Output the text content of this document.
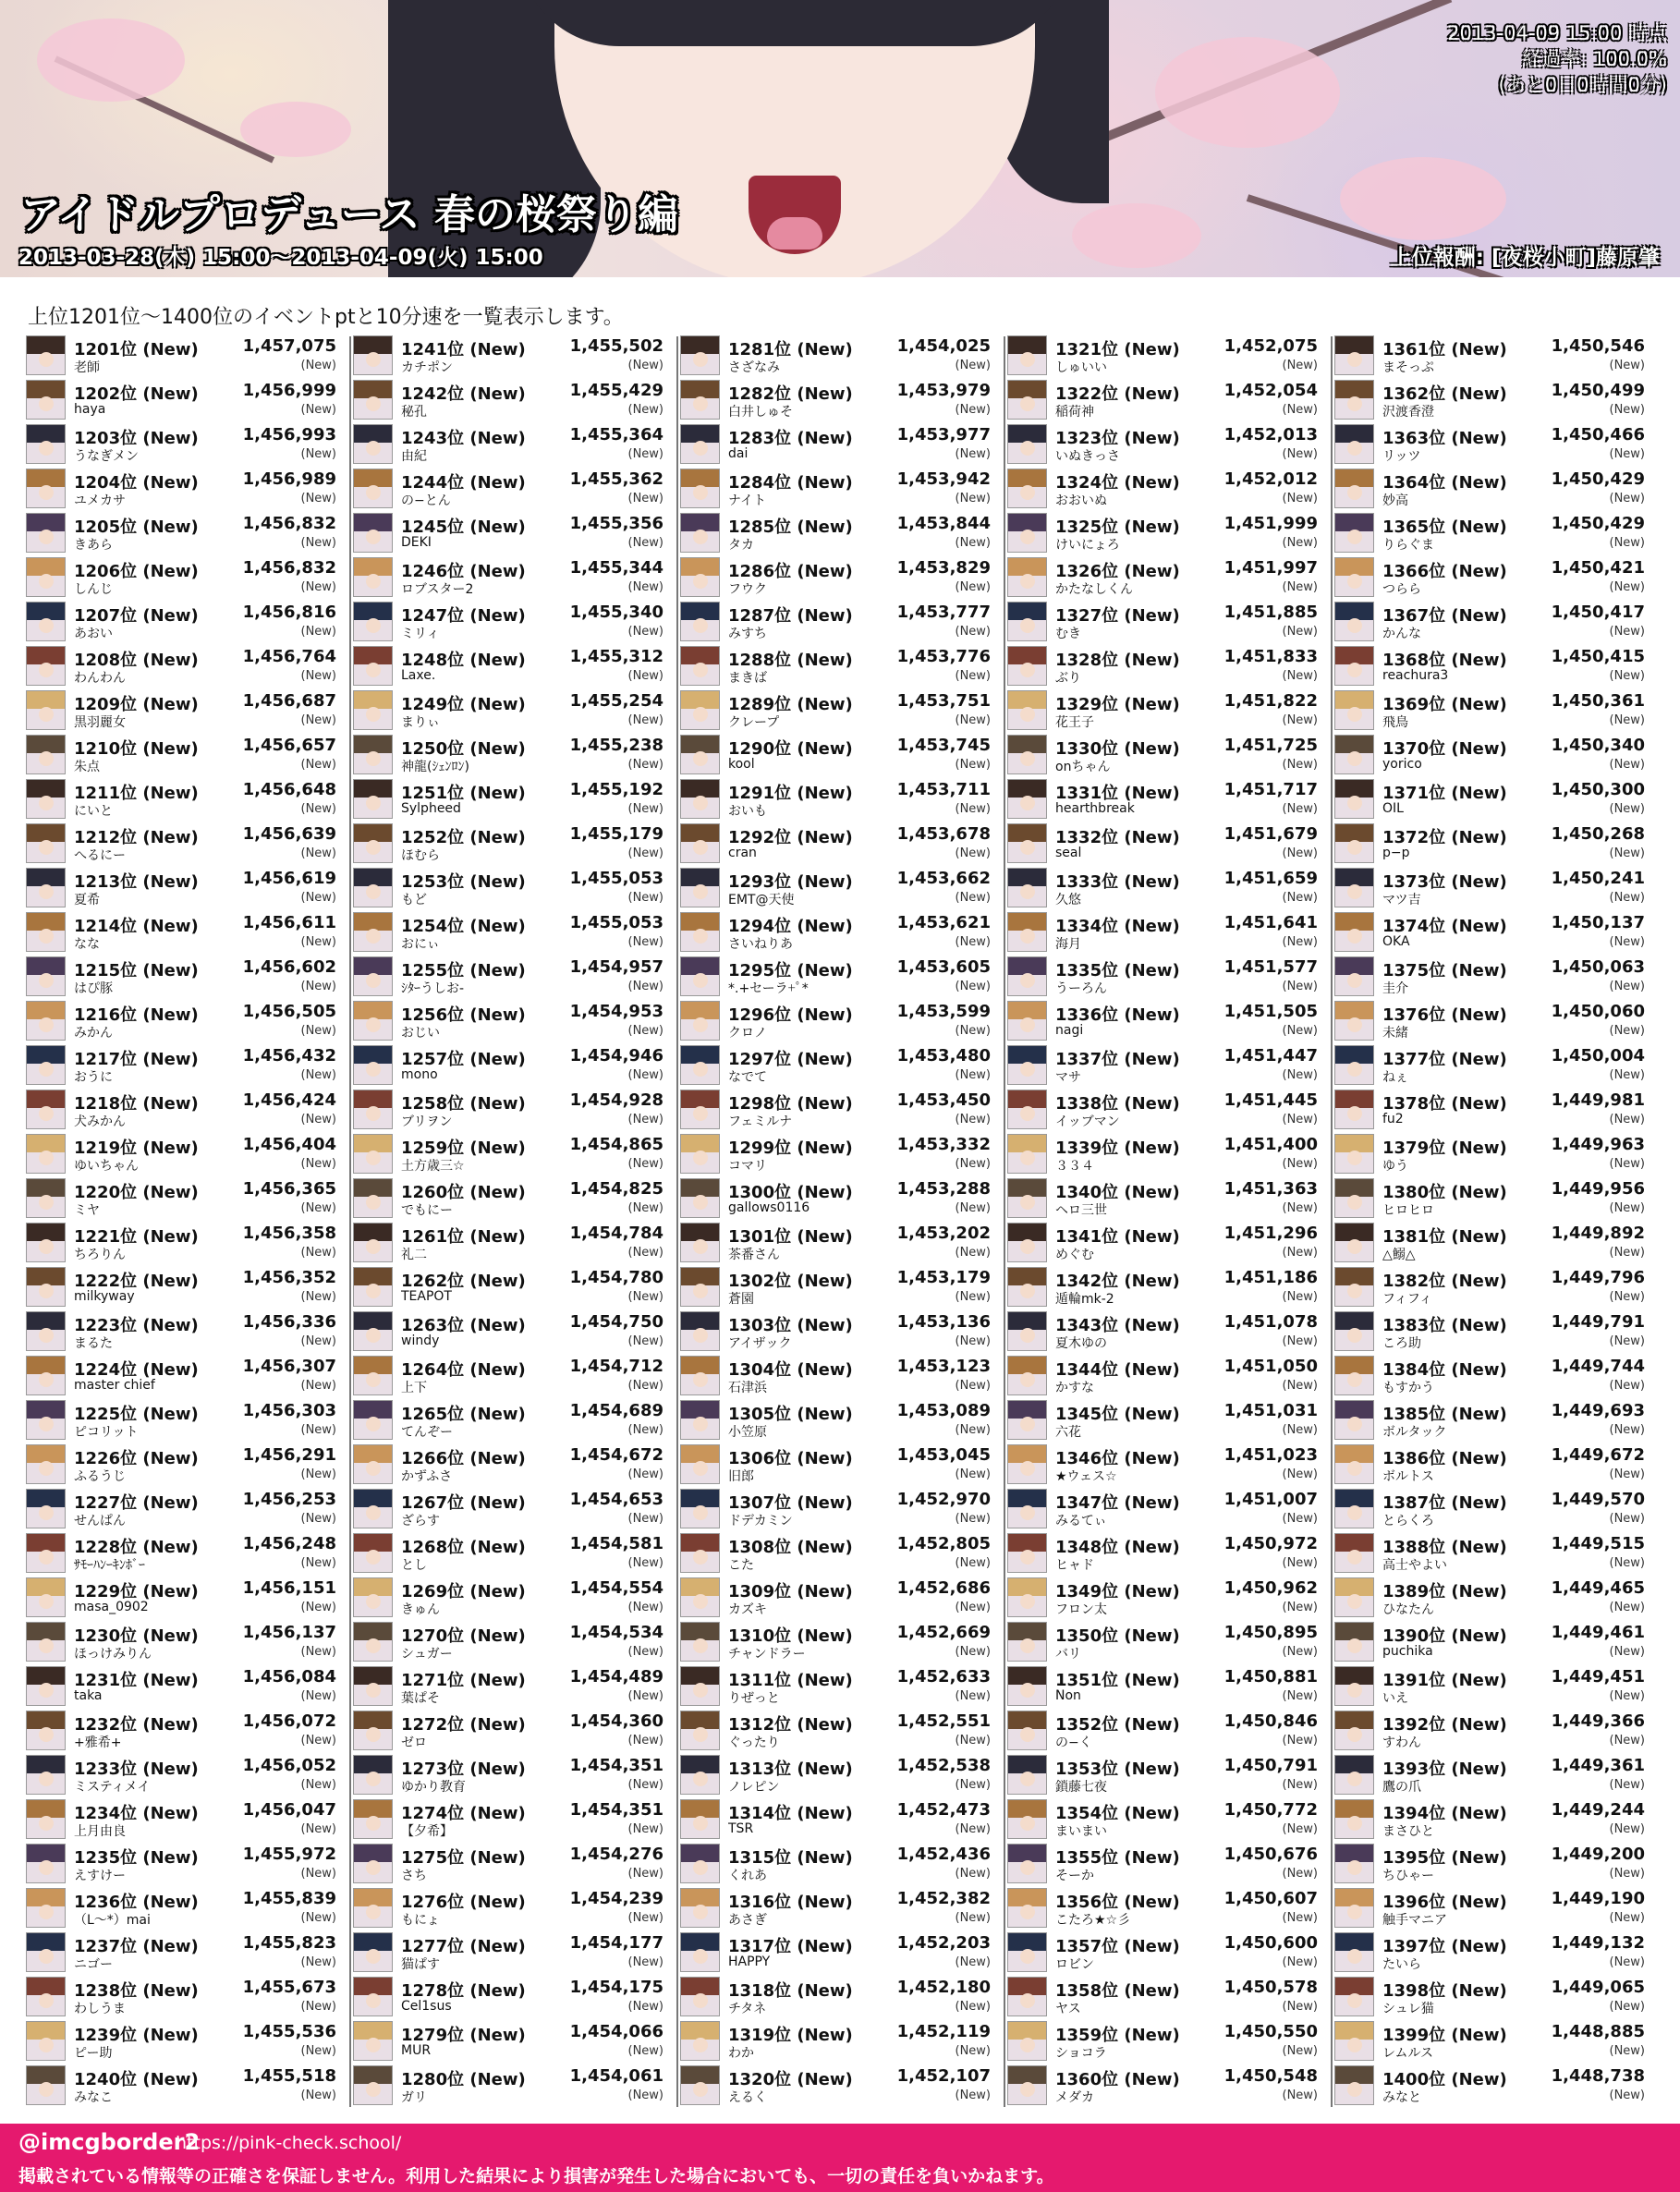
2013-04-09 15:00 時点
経過率: 100.0%
(あと0日0時間0分)
アイドルプロデュース 春の桜祭り編
2013-03-28(木) 15:00〜2013-04-09(火) 15:00	上位報酬: [夜桜小町]藤原肇
上位1201位〜1400位のイベントptと10分速を一覧表示します。
1201位 (New)	1,457,075
老師	(New)
1202位 (New)	1,456,999
haya	(New)
1203位 (New)	1,456,993
うなぎメン	(New)
1204位 (New)	1,456,989
ユメカサ	(New)
1205位 (New)	1,456,832
きあら	(New)
1206位 (New)	1,456,832
しんじ	(New)
1207位 (New)	1,456,816
あおい	(New)
1208位 (New)	1,456,764
わんわん	(New)
1209位 (New)	1,456,687
黒羽麗女	(New)
1210位 (New)	1,456,657
朱点	(New)
1211位 (New)	1,456,648
にいと	(New)
1212位 (New)	1,456,639
へるにー	(New)
1213位 (New)	1,456,619
夏希	(New)
1214位 (New)	1,456,611
なな	(New)
1215位 (New)	1,456,602
はぴ豚	(New)
1216位 (New)	1,456,505
みかん	(New)
1217位 (New)	1,456,432
おうに	(New)
1218位 (New)	1,456,424
犬みかん	(New)
1219位 (New)	1,456,404
ゆいちゃん	(New)
1220位 (New)	1,456,365
ミヤ	(New)
1221位 (New)	1,456,358
ちろりん	(New)
1222位 (New)	1,456,352
milkyway	(New)
1223位 (New)	1,456,336
まるた	(New)
1224位 (New)	1,456,307
master chief	(New)
1225位 (New)	1,456,303
ピコリット	(New)
1226位 (New)	1,456,291
ふるうじ	(New)
1227位 (New)	1,456,253
せんぱん	(New)
1228位 (New)	1,456,248
ｻﾓｰﾊﾝｰｷﾝﾎﾞｰ	(New)
1229位 (New)	1,456,151
masa_0902	(New)
1230位 (New)	1,456,137
ほっけみりん	(New)
1231位 (New)	1,456,084
taka	(New)
1232位 (New)	1,456,072
+雅希+	(New)
1233位 (New)	1,456,052
ミスティメイ	(New)
1234位 (New)	1,456,047
上月由良	(New)
1235位 (New)	1,455,972
えすけー	(New)
1236位 (New)	1,455,839
（L〜*）mai	(New)
1237位 (New)	1,455,823
ニゴー	(New)
1238位 (New)	1,455,673
わしうま	(New)
1239位 (New)	1,455,536
ピー助	(New)
1240位 (New)	1,455,518
みなこ	(New)
1241位 (New)	1,455,502
カチポン	(New)
1242位 (New)	1,455,429
秘孔	(New)
1243位 (New)	1,455,364
由紀	(New)
1244位 (New)	1,455,362
の−とん	(New)
1245位 (New)	1,455,356
DEKI	(New)
1246位 (New)	1,455,344
ロブスター2	(New)
1247位 (New)	1,455,340
ミリィ	(New)
1248位 (New)	1,455,312
Laxe.	(New)
1249位 (New)	1,455,254
まりぃ	(New)
1250位 (New)	1,455,238
神龍(ｼｪﾝﾛﾝ)	(New)
1251位 (New)	1,455,192
Sylpheed	(New)
1252位 (New)	1,455,179
ほむら	(New)
1253位 (New)	1,455,053
もど	(New)
1254位 (New)	1,455,053
おにぃ	(New)
1255位 (New)	1,454,957
ｼﾀｰうしお-	(New)
1256位 (New)	1,454,953
おじい	(New)
1257位 (New)	1,454,946
mono	(New)
1258位 (New)	1,454,928
ブリヲン	(New)
1259位 (New)	1,454,865
土方歳三☆	(New)
1260位 (New)	1,454,825
でもにー	(New)
1261位 (New)	1,454,784
礼二	(New)
1262位 (New)	1,454,780
TEAPOT	(New)
1263位 (New)	1,454,750
windy	(New)
1264位 (New)	1,454,712
上下	(New)
1265位 (New)	1,454,689
てんぞー	(New)
1266位 (New)	1,454,672
かずふさ	(New)
1267位 (New)	1,454,653
ざらす	(New)
1268位 (New)	1,454,581
とし	(New)
1269位 (New)	1,454,554
きゅん	(New)
1270位 (New)	1,454,534
シュガー	(New)
1271位 (New)	1,454,489
葉ぱそ	(New)
1272位 (New)	1,454,360
ゼロ	(New)
1273位 (New)	1,454,351
ゆかり教育	(New)
1274位 (New)	1,454,351
【夕希】	(New)
1275位 (New)	1,454,276
さち	(New)
1276位 (New)	1,454,239
もにょ	(New)
1277位 (New)	1,454,177
猫ぱす	(New)
1278位 (New)	1,454,175
Cel1sus	(New)
1279位 (New)	1,454,066
MUR	(New)
1280位 (New)	1,454,061
ガリ	(New)
1281位 (New)	1,454,025
さざなみ	(New)
1282位 (New)	1,453,979
白井しゅそ	(New)
1283位 (New)	1,453,977
dai	(New)
1284位 (New)	1,453,942
ナイト	(New)
1285位 (New)	1,453,844
タカ	(New)
1286位 (New)	1,453,829
フウク	(New)
1287位 (New)	1,453,777
みすち	(New)
1288位 (New)	1,453,776
まきば	(New)
1289位 (New)	1,453,751
クレープ	(New)
1290位 (New)	1,453,745
kool	(New)
1291位 (New)	1,453,711
おいも	(New)
1292位 (New)	1,453,678
cran	(New)
1293位 (New)	1,453,662
EMT@天使	(New)
1294位 (New)	1,453,621
さいねりあ	(New)
1295位 (New)	1,453,605
*.+セーラ+ﾟ*	(New)
1296位 (New)	1,453,599
クロノ	(New)
1297位 (New)	1,453,480
なでて	(New)
1298位 (New)	1,453,450
フェミルナ	(New)
1299位 (New)	1,453,332
コマリ	(New)
1300位 (New)	1,453,288
gallows0116	(New)
1301位 (New)	1,453,202
茶番さん	(New)
1302位 (New)	1,453,179
蒼園	(New)
1303位 (New)	1,453,136
アイザック	(New)
1304位 (New)	1,453,123
石津浜	(New)
1305位 (New)	1,453,089
小笠原	(New)
1306位 (New)	1,453,045
旧郎	(New)
1307位 (New)	1,452,970
ドデカミン	(New)
1308位 (New)	1,452,805
こた	(New)
1309位 (New)	1,452,686
カズキ	(New)
1310位 (New)	1,452,669
チャンドラー	(New)
1311位 (New)	1,452,633
りぜっと	(New)
1312位 (New)	1,452,551
ぐったり	(New)
1313位 (New)	1,452,538
ノレピン	(New)
1314位 (New)	1,452,473
TSR	(New)
1315位 (New)	1,452,436
くれあ	(New)
1316位 (New)	1,452,382
あさぎ	(New)
1317位 (New)	1,452,203
HAPPY	(New)
1318位 (New)	1,452,180
チタネ	(New)
1319位 (New)	1,452,119
わか	(New)
1320位 (New)	1,452,107
えるく	(New)
1321位 (New)	1,452,075
しゅいい	(New)
1322位 (New)	1,452,054
稲荷神	(New)
1323位 (New)	1,452,013
いぬきっさ	(New)
1324位 (New)	1,452,012
おおいぬ	(New)
1325位 (New)	1,451,999
けいにょろ	(New)
1326位 (New)	1,451,997
かたなしくん	(New)
1327位 (New)	1,451,885
むき	(New)
1328位 (New)	1,451,833
ぶり	(New)
1329位 (New)	1,451,822
花王子	(New)
1330位 (New)	1,451,725
onちゃん	(New)
1331位 (New)	1,451,717
hearthbreak	(New)
1332位 (New)	1,451,679
seal	(New)
1333位 (New)	1,451,659
久悠	(New)
1334位 (New)	1,451,641
海月	(New)
1335位 (New)	1,451,577
うーろん	(New)
1336位 (New)	1,451,505
nagi	(New)
1337位 (New)	1,451,447
マサ	(New)
1338位 (New)	1,451,445
イッブマン	(New)
1339位 (New)	1,451,400
３３４	(New)
1340位 (New)	1,451,363
ヘロ三世	(New)
1341位 (New)	1,451,296
めぐむ	(New)
1342位 (New)	1,451,186
遁輪mk-2	(New)
1343位 (New)	1,451,078
夏木ゆの	(New)
1344位 (New)	1,451,050
かすな	(New)
1345位 (New)	1,451,031
六花	(New)
1346位 (New)	1,451,023
★ウェス☆	(New)
1347位 (New)	1,451,007
みるてぃ	(New)
1348位 (New)	1,450,972
ヒャド	(New)
1349位 (New)	1,450,962
フロン太	(New)
1350位 (New)	1,450,895
バリ	(New)
1351位 (New)	1,450,881
Non	(New)
1352位 (New)	1,450,846
の−く	(New)
1353位 (New)	1,450,791
鎖藤七夜	(New)
1354位 (New)	1,450,772
まいまい	(New)
1355位 (New)	1,450,676
そーか	(New)
1356位 (New)	1,450,607
こたろ★☆彡	(New)
1357位 (New)	1,450,600
ロビン	(New)
1358位 (New)	1,450,578
ヤス	(New)
1359位 (New)	1,450,550
ショコラ	(New)
1360位 (New)	1,450,548
メダカ	(New)
1361位 (New)	1,450,546
まそっぷ	(New)
1362位 (New)	1,450,499
沢渡香澄	(New)
1363位 (New)	1,450,466
リッツ	(New)
1364位 (New)	1,450,429
妙高	(New)
1365位 (New)	1,450,429
りらぐま	(New)
1366位 (New)	1,450,421
つらら	(New)
1367位 (New)	1,450,417
かんな	(New)
1368位 (New)	1,450,415
reachura3	(New)
1369位 (New)	1,450,361
飛鳥	(New)
1370位 (New)	1,450,340
yorico	(New)
1371位 (New)	1,450,300
OIL	(New)
1372位 (New)	1,450,268
p−p	(New)
1373位 (New)	1,450,241
マツ吉	(New)
1374位 (New)	1,450,137
OKA	(New)
1375位 (New)	1,450,063
圭介	(New)
1376位 (New)	1,450,060
未緒	(New)
1377位 (New)	1,450,004
ねぇ	(New)
1378位 (New)	1,449,981
fu2	(New)
1379位 (New)	1,449,963
ゆう	(New)
1380位 (New)	1,449,956
ヒロヒロ	(New)
1381位 (New)	1,449,892
△鰯△	(New)
1382位 (New)	1,449,796
フィフィ	(New)
1383位 (New)	1,449,791
ころ助	(New)
1384位 (New)	1,449,744
もすかう	(New)
1385位 (New)	1,449,693
ボルタック	(New)
1386位 (New)	1,449,672
ボルトス	(New)
1387位 (New)	1,449,570
とらくろ	(New)
1388位 (New)	1,449,515
高士やよい	(New)
1389位 (New)	1,449,465
ひなたん	(New)
1390位 (New)	1,449,461
puchika	(New)
1391位 (New)	1,449,451
いえ	(New)
1392位 (New)	1,449,366
すわん	(New)
1393位 (New)	1,449,361
鷹の爪	(New)
1394位 (New)	1,449,244
まさひと	(New)
1395位 (New)	1,449,200
ちひゃー	(New)
1396位 (New)	1,449,190
触手マニア	(New)
1397位 (New)	1,449,132
たいら	(New)
1398位 (New)	1,449,065
シュレ猫	(New)
1399位 (New)	1,448,885
レムルス	(New)
1400位 (New)	1,448,738
みなと	(New)
@imcgborder2
https://pink-check.school/
掲載されている情報等の正確さを保証しません。利用した結果により損害が発生した場合においても、一切の責任を負いかねます。
